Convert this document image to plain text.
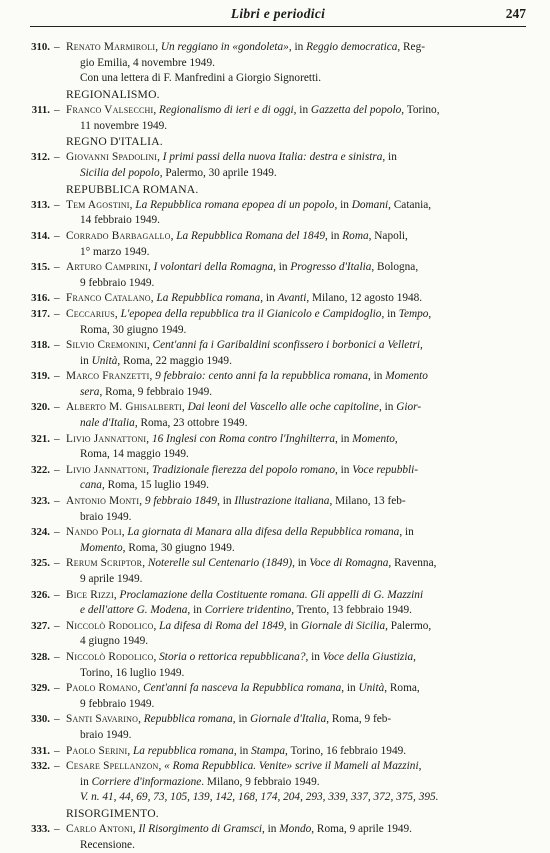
Libri e periodici	247
310. – Renato Marmiroli, Un reggiano in «gondoleta», in Reggio democratica, Reg-
gio Emilia, 4 novembre 1949.
Con una lettera di F. Manfredini a Giorgio Signoretti.
REGIONALISMO.
311. – Franco Valsecchi, Regionalismo di ieri e di oggi, in Gazzetta del popolo, Torino,
11 novembre 1949.
REGNO D'ITALIA.
312. – Giovanni Spadolini, I primi passi della nuova Italia: destra e sinistra, in
Sicilia del popolo, Palermo, 30 aprile 1949.
REPUBBLICA ROMANA.
313. – Tem Agostini, La Repubblica romana epopea di un popolo, in Domani, Catania,
14 febbraio 1949.
314. – Corrado Barbagallo, La Repubblica Romana del 1849, in Roma, Napoli,
1° marzo 1949.
315. – Arturo Camprini, I volontari della Romagna, in Progresso d'Italia, Bologna,
9 febbraio 1949.
316. – Franco Catalano, La Repubblica romana, in Avanti, Milano, 12 agosto 1948.
317. – Ceccarius, L'epopea della repubblica tra il Gianicolo e Campidoglio, in Tempo,
Roma, 30 giugno 1949.
318. – Silvio Cremonini, Cent'anni fa i Garibaldini sconfissero i borbonici a Velletri,
in Unità, Roma, 22 maggio 1949.
319. – Marco Franzetti, 9 febbraio: cento anni fa la repubblica romana, in Momento
sera, Roma, 9 febbraio 1949.
320. – Alberto M. Ghisalberti, Dai leoni del Vascello alle oche capitoline, in Gior-
nale d'Italia, Roma, 23 ottobre 1949.
321. – Livio Jannattoni, 16 Inglesi con Roma contro l'Inghilterra, in Momento,
Roma, 14 maggio 1949.
322. – Livio Jannattoni, Tradizionale fierezza del popolo romano, in Voce repubbli-
cana, Roma, 15 luglio 1949.
323. – Antonio Monti, 9 febbraio 1849, in Illustrazione italiana, Milano, 13 feb-
braio 1949.
324. – Nando Poli, La giornata di Manara alla difesa della Repubblica romana, in
Momento, Roma, 30 giugno 1949.
325. – Rerum Scriptor, Noterelle sul Centenario (1849), in Voce di Romagna, Ravenna,
9 aprile 1949.
326. – Bice Rizzi, Proclamazione della Costituente romana. Gli appelli di G. Mazzini
e dell'attore G. Modena, in Corriere tridentino, Trento, 13 febbraio 1949.
327. – Niccolò Rodolico, La difesa di Roma del 1849, in Giornale di Sicilia, Palermo,
4 giugno 1949.
328. – Niccolò Rodolico, Storia o rettorica repubblicana?, in Voce della Giustizia,
Torino, 16 luglio 1949.
329. – Paolo Romano, Cent'anni fa nasceva la Repubblica romana, in Unità, Roma,
9 febbraio 1949.
330. – Santi Savarino, Repubblica romana, in Giornale d'Italia, Roma, 9 feb-
braio 1949.
331. – Paolo Serini, La repubblica romana, in Stampa, Torino, 16 febbraio 1949.
332. – Cesare Spellanzon, « Roma Repubblica. Venite» scrive il Mameli al Mazzini,
in Corriere d'informazione. Milano, 9 febbraio 1949.
V. n. 41, 44, 69, 73, 105, 139, 142, 168, 174, 204, 293, 339, 337, 372, 375, 395.
RISORGIMENTO.
333. – Carlo Antoni, Il Risorgimento di Gramsci, in Mondo, Roma, 9 aprile 1949.
Recensione.
